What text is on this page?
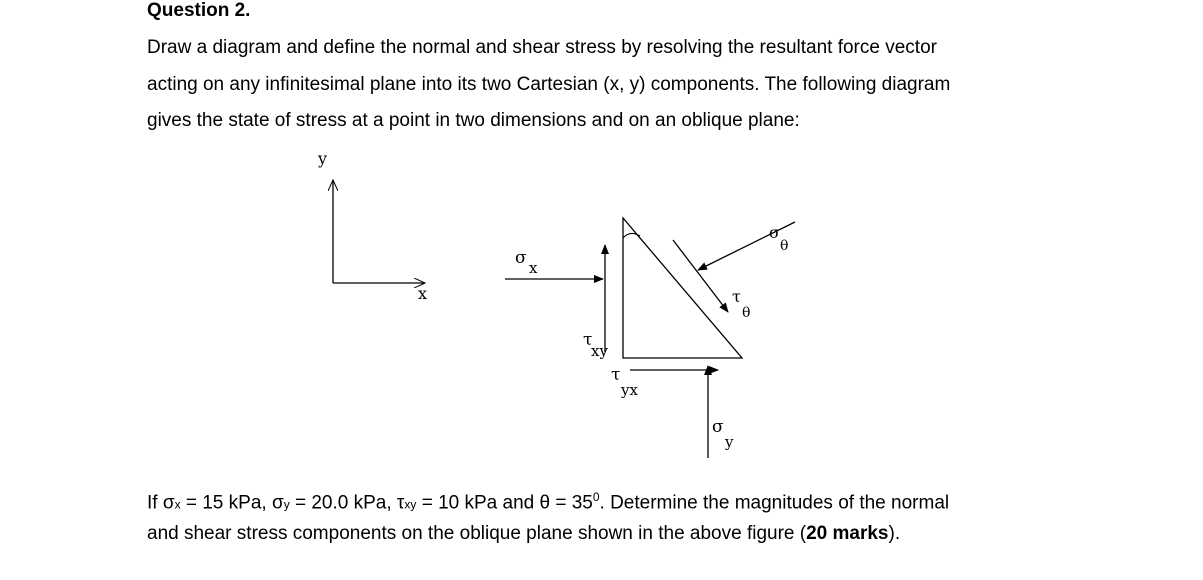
Question 2.
Draw a diagram and define the normal and shear stress by resolving the resultant force vector
acting on any infinitesimal plane into its two Cartesian (x, y) components. The following diagram
gives the state of stress at a point in two dimensions and on an oblique plane:
y
x
σ x
τ
xy
τ
yx
σ
y
τ
θ
σ
θ
If σx = 15 kPa, σy = 20.0 kPa, τxy = 10 kPa and $\theta = 35^0$. Determine the magnitudes of the normal
and shear stress components on the oblique plane shown in the above figure (20 marks).
